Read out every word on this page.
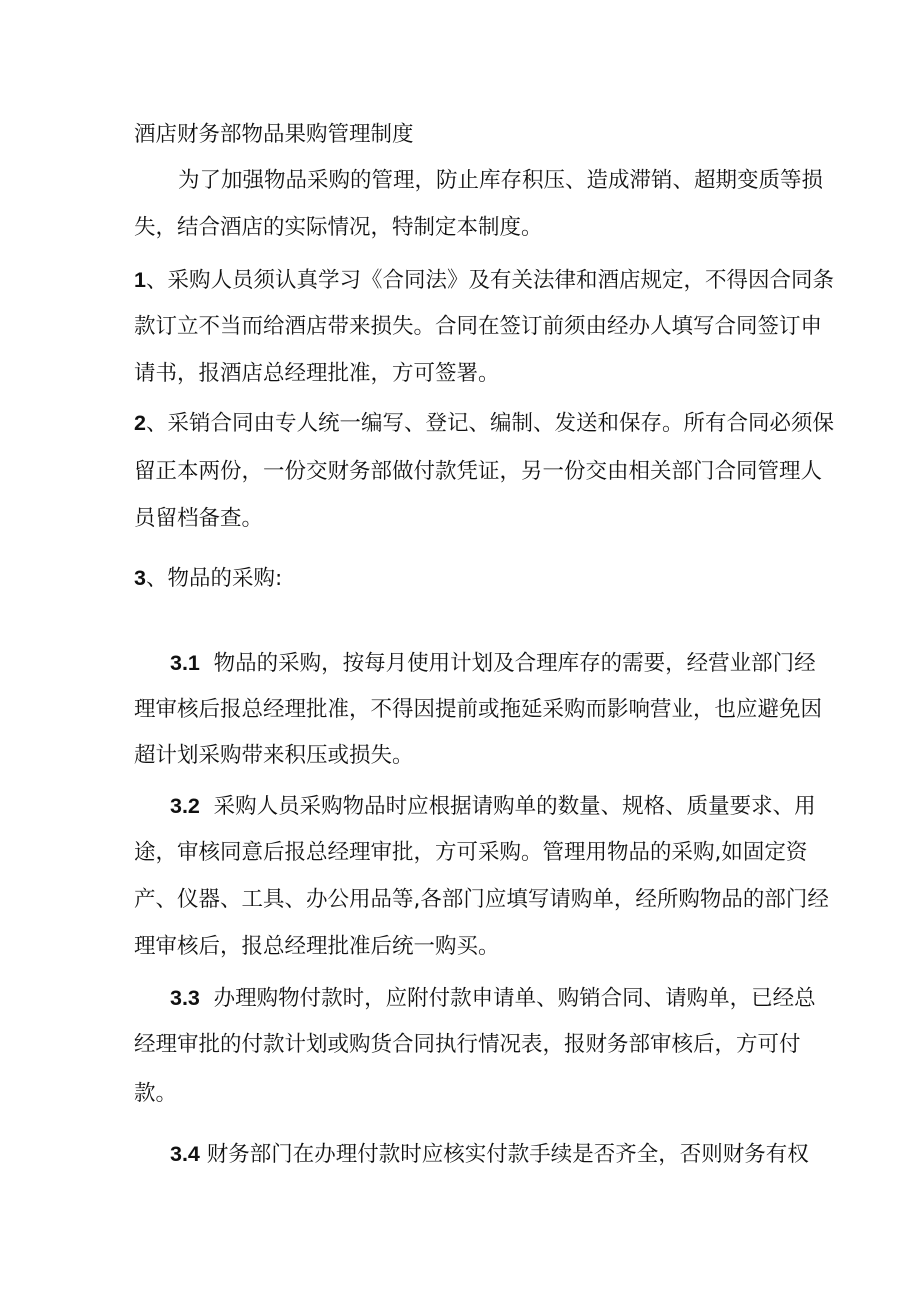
酒店财务部物品果购管理制度

为了加强物品采购的管理，防止库存积压、造成滞销、超期变质等损

失，结合酒店的实际情况，特制定本制度。

1、采购人员须认真学习《合同法》及有关法律和酒店规定，不得因合同条

款订立不当而给酒店带来损失。合同在签订前须由经办人填写合同签订申

请书，报酒店总经理批准，方可签署。

2、采销合同由专人统一编写、登记、编制、发送和保存。所有合同必须保

留正本两份，一份交财务部做付款凭证，另一份交由相关部门合同管理人

员留档备查。

3、物品的采购:

3.1 物品的采购，按每月使用计划及合理库存的需要，经营业部门经

理审核后报总经理批准，不得因提前或拖延采购而影响营业，也应避免因

超计划采购带来积压或损失。

3.2 采购人员采购物品时应根据请购单的数量、规格、质量要求、用

途，审核同意后报总经理审批，方可采购。管理用物品的采购,如固定资

产、仪器、工具、办公用品等,各部门应填写请购单，经所购物品的部门经

理审核后，报总经理批准后统一购买。

3.3 办理购物付款时，应附付款申请单、购销合同、请购单，已经总

经理审批的付款计划或购货合同执行情况表，报财务部审核后，方可付

款。

3.4 财务部门在办理付款时应核实付款手续是否齐全，否则财务有权
